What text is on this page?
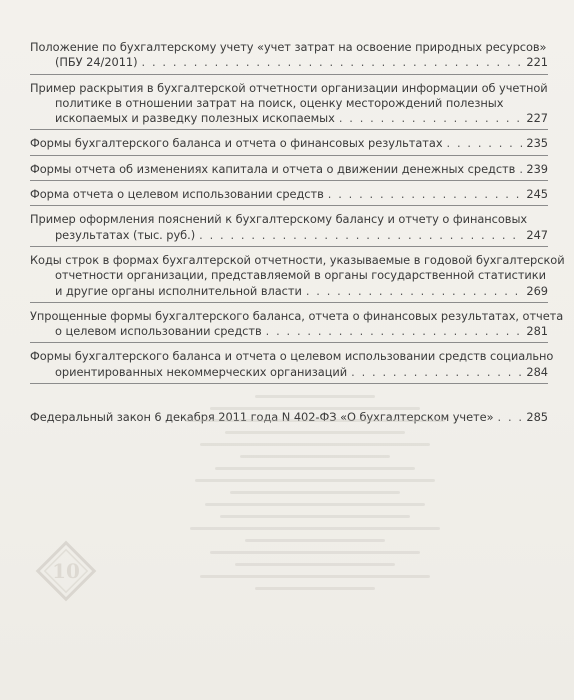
Положение по бухгалтерскому учету «учет затрат на освоение природных ресурсов»
(ПБУ 24/2011) . . .	221
Пример раскрытия в бухгалтерской отчетности организации информации об учетной
политике в отношении затрат на поиск, оценку месторождений полезных
ископаемых и разведку полезных ископаемых . . .	227
Формы бухгалтерского баланса и отчета о финансовых результатах . . .	235
Формы отчета об изменениях капитала и отчета о движении денежных средств . . . 239
Форма отчета о целевом использовании средств . . .	245
Пример оформления пояснений к бухгалтерскому балансу и отчету о финансовых
результатах (тыс. руб.) . . .	247
Коды строк в формах бухгалтерской отчетности, указываемые в годовой бухгалтерской
отчетности организации, представляемой в органы государственной статистики
и другие органы исполнительной власти . . .	269
Упрощенные формы бухгалтерского баланса, отчета о финансовых результатах, отчета
о целевом использовании средств . . .	281
Формы бухгалтерского баланса и отчета о целевом использовании средств социально
ориентированных некоммерческих организаций . . .	284
Федеральный закон 6 декабря 2011 года N 402-ФЗ «О бухгалтерском учете» . . .	285
10
